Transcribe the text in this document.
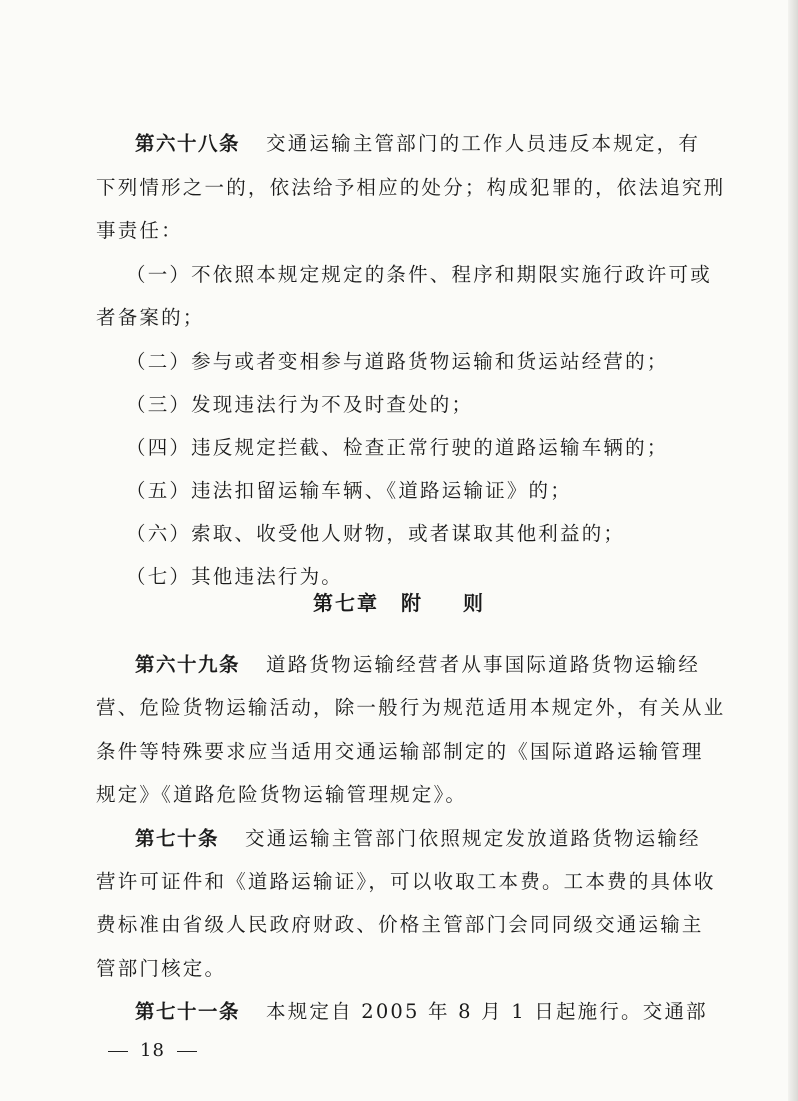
第六十八条 交通运输主管部门的工作人员违反本规定，有
下列情形之一的，依法给予相应的处分；构成犯罪的，依法追究刑
事责任：
（一）不依照本规定规定的条件、程序和期限实施行政许可或
者备案的；
（二）参与或者变相参与道路货物运输和货运站经营的；
（三）发现违法行为不及时查处的；
（四）违反规定拦截、检查正常行驶的道路运输车辆的；
（五）违法扣留运输车辆、《道路运输证》的；
（六）索取、收受他人财物，或者谋取其他利益的；
（七）其他违法行为。
第七章 附 则
第六十九条 道路货物运输经营者从事国际道路货物运输经
营、危险货物运输活动，除一般行为规范适用本规定外，有关从业
条件等特殊要求应当适用交通运输部制定的《国际道路运输管理
规定》《道路危险货物运输管理规定》。
第七十条 交通运输主管部门依照规定发放道路货物运输经
营许可证件和《道路运输证》，可以收取工本费。工本费的具体收
费标准由省级人民政府财政、价格主管部门会同同级交通运输主
管部门核定。
第七十一条 本规定自 2005 年 8 月 1 日起施行。交通部
18
